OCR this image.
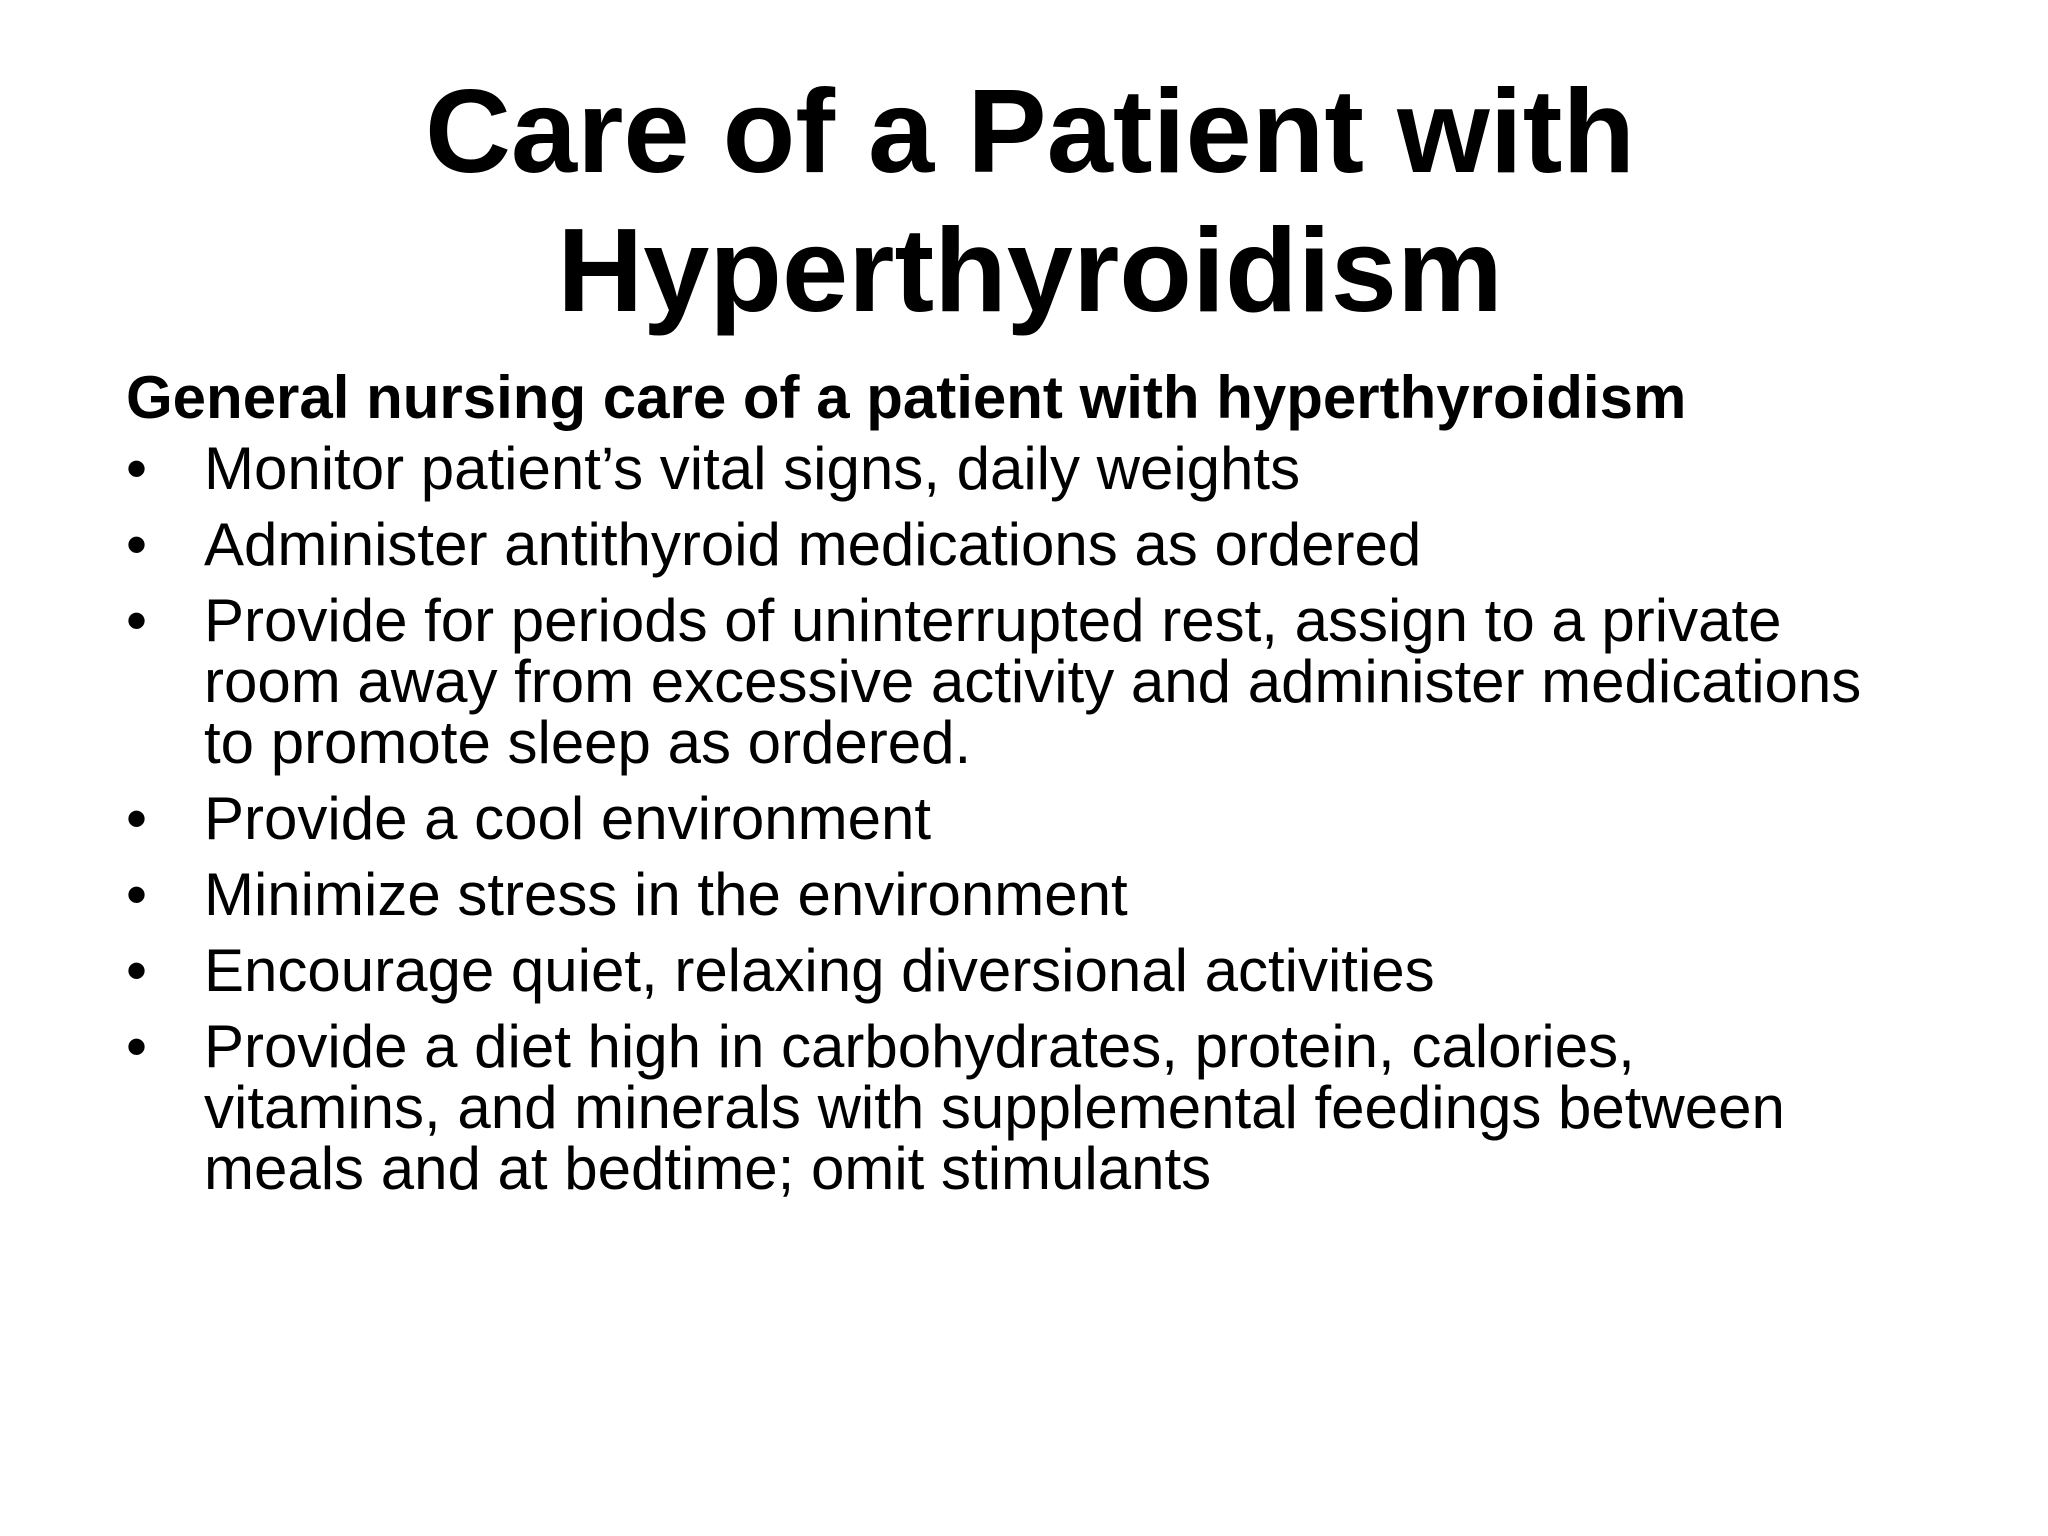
Care of a Patient with
Hyperthyroidism

General nursing care of a patient with hyperthyroidism

• Monitor patient’s vital signs, daily weights
• Administer antithyroid medications as ordered
• Provide for periods of uninterrupted rest, assign to a private room away from excessive activity and administer medications to promote sleep as ordered.
• Provide a cool environment
• Minimize stress in the environment
• Encourage quiet, relaxing diversional activities
• Provide a diet high in carbohydrates, protein, calories, vitamins, and minerals with supplemental feedings between meals and at bedtime; omit stimulants
